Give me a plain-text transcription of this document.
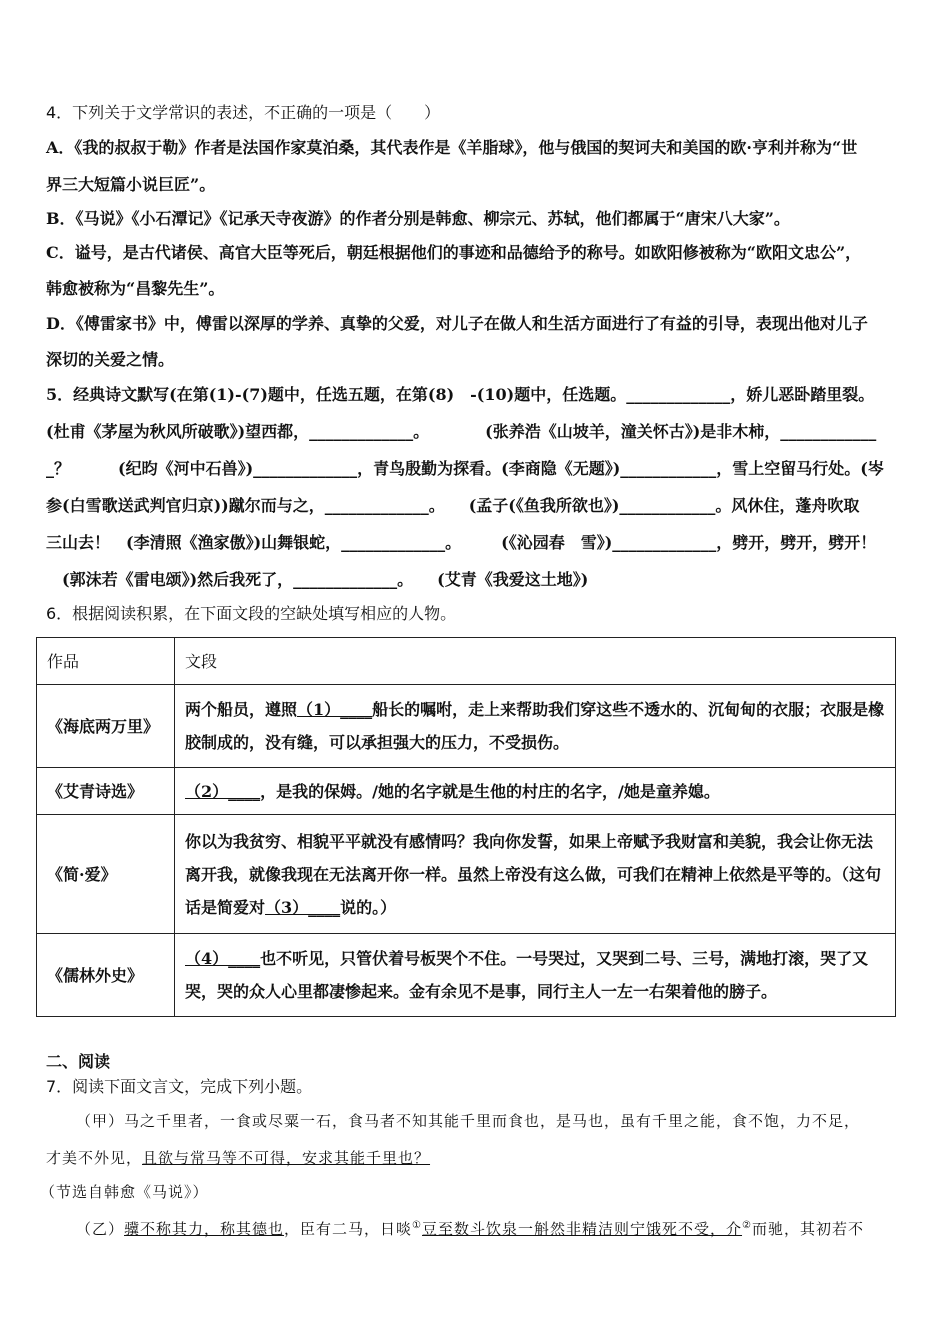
4．下列关于文学常识的表述，不正确的一项是（　　）
A．《我的叔叔于勒》作者是法国作家莫泊桑，其代表作是《羊脂球》，他与俄国的契诃夫和美国的欧·亨利并称为“世
界三大短篇小说巨匠”。
B．《马说》《小石潭记》《记承天寺夜游》的作者分别是韩愈、柳宗元、苏轼，他们都属于“唐宋八大家”。
C．谥号，是古代诸侯、高官大臣等死后，朝廷根据他们的事迹和品德给予的称号。如欧阳修被称为“欧阳文忠公”，
韩愈被称为“昌黎先生”。
D．《傅雷家书》中，傅雷以深厚的学养、真挚的父爱，对儿子在做人和生活方面进行了有益的引导，表现出他对儿子
深切的关爱之情。
5．经典诗文默写(在第(1)-(7)题中，任选五题，在第(8)　-(10)题中，任选题。_____________，娇儿恶卧踏里裂。
(杜甫《茅屋为秋风所破歌》)望西都，_____________。　　　　(张养浩《山坡羊，潼关怀古》)是非木柿，____________
_？　　　(纪昀《河中石兽》)_____________，青鸟殷勤为探看。(李商隐《无题》)____________，雪上空留马行处。(岑
参(白雪歌送武判官归京))蹴尔而与之，_____________。　　(孟子(《鱼我所欲也》)____________。风休住，蓬舟吹取
三山去！　(李清照《渔家傲》)山舞银蛇，_____________。　　　(《沁园春　雪》)_____________，劈开，劈开，劈开！
　(郭沫若《雷电颂》)然后我死了，_____________。　　(艾青《我爱这土地》)
6．根据阅读积累，在下面文段的空缺处填写相应的人物。
作品	文段
《海底两万里》	两个船员，遵照（1）____船长的嘱咐，走上来帮助我们穿这些不透水的、沉甸甸的衣服；衣服是橡胶制成的，没有缝，可以承担强大的压力，不受损伤。
《艾青诗选》	（2）____，是我的保姆。/她的名字就是生他的村庄的名字，/她是童养媳。
《简·爱》	你以为我贫穷、相貌平平就没有感情吗？我向你发誓，如果上帝赋予我财富和美貌，我会让你无法离开我，就像我现在无法离开你一样。虽然上帝没有这么做，可我们在精神上依然是平等的。（这句话是简爱对（3）____说的。）
《儒林外史》	（4）____也不听见，只管伏着号板哭个不住。一号哭过，又哭到二号、三号，满地打滚，哭了又哭，哭的众人心里都凄惨起来。金有余见不是事，同行主人一左一右架着他的膀子。
二、阅读
7．阅读下面文言文，完成下列小题。
（甲）马之千里者，一食或尽粟一石，食马者不知其能千里而食也，是马也，虽有千里之能，食不饱，力不足，
才美不外见，且欲与常马等不可得，安求其能千里也？
（节选自韩愈《马说》）
（乙）骥不称其力，称其德也，臣有二马，日啖①豆至数斗饮泉一斛然非精洁则宁饿死不受，介②而驰，其初若不
